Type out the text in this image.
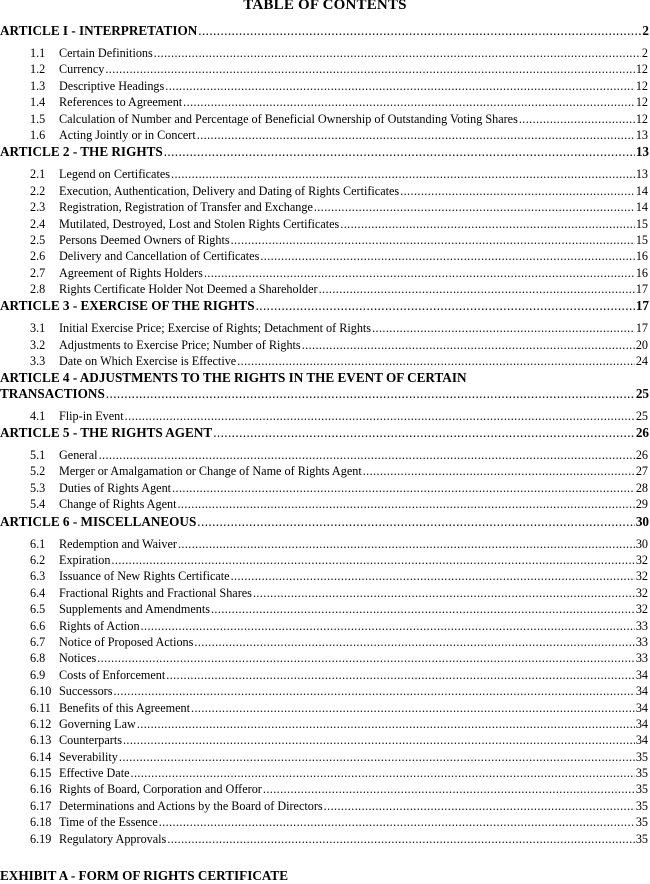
TABLE OF CONTENTS
ARTICLE I - INTERPRETATION .....	2
1.1	Certain Definitions .....	2
1.2	Currency .....	12
1.3	Descriptive Headings .....	12
1.4	References to Agreement .....	12
1.5	Calculation of Number and Percentage of Beneficial Ownership of Outstanding Voting Shares .....	12
1.6	Acting Jointly or in Concert .....	13
ARTICLE 2 - THE RIGHTS .....	13
2.1	Legend on Certificates .....	13
2.2	Execution, Authentication, Delivery and Dating of Rights Certificates .....	14
2.3	Registration, Registration of Transfer and Exchange .....	14
2.4	Mutilated, Destroyed, Lost and Stolen Rights Certificates .....	15
2.5	Persons Deemed Owners of Rights .....	15
2.6	Delivery and Cancellation of Certificates .....	16
2.7	Agreement of Rights Holders .....	16
2.8	Rights Certificate Holder Not Deemed a Shareholder .....	17
ARTICLE 3 - EXERCISE OF THE RIGHTS .....	17
3.1	Initial Exercise Price; Exercise of Rights; Detachment of Rights .....	17
3.2	Adjustments to Exercise Price; Number of Rights .....	20
3.3	Date on Which Exercise is Effective .....	24
ARTICLE 4 - ADJUSTMENTS TO THE RIGHTS IN THE EVENT OF CERTAIN
TRANSACTIONS .....	25
4.1	Flip-in Event .....	25
ARTICLE 5 - THE RIGHTS AGENT .....	26
5.1	General .....	26
5.2	Merger or Amalgamation or Change of Name of Rights Agent .....	27
5.3	Duties of Rights Agent .....	28
5.4	Change of Rights Agent .....	29
ARTICLE 6 - MISCELLANEOUS .....	30
6.1	Redemption and Waiver .....	30
6.2	Expiration .....	32
6.3	Issuance of New Rights Certificate .....	32
6.4	Fractional Rights and Fractional Shares .....	32
6.5	Supplements and Amendments .....	32
6.6	Rights of Action .....	33
6.7	Notice of Proposed Actions .....	33
6.8	Notices .....	33
6.9	Costs of Enforcement .....	34
6.10 Successors .....	34
6.11 Benefits of this Agreement .....	34
6.12 Governing Law .....	34
6.13 Counterparts .....	34
6.14 Severability .....	35
6.15 Effective Date .....	35
6.16 Rights of Board, Corporation and Offeror .....	35
6.17 Determinations and Actions by the Board of Directors .....	35
6.18 Time of the Essence .....	35
6.19 Regulatory Approvals .....	35
EXHIBIT A - FORM OF RIGHTS CERTIFICATE
